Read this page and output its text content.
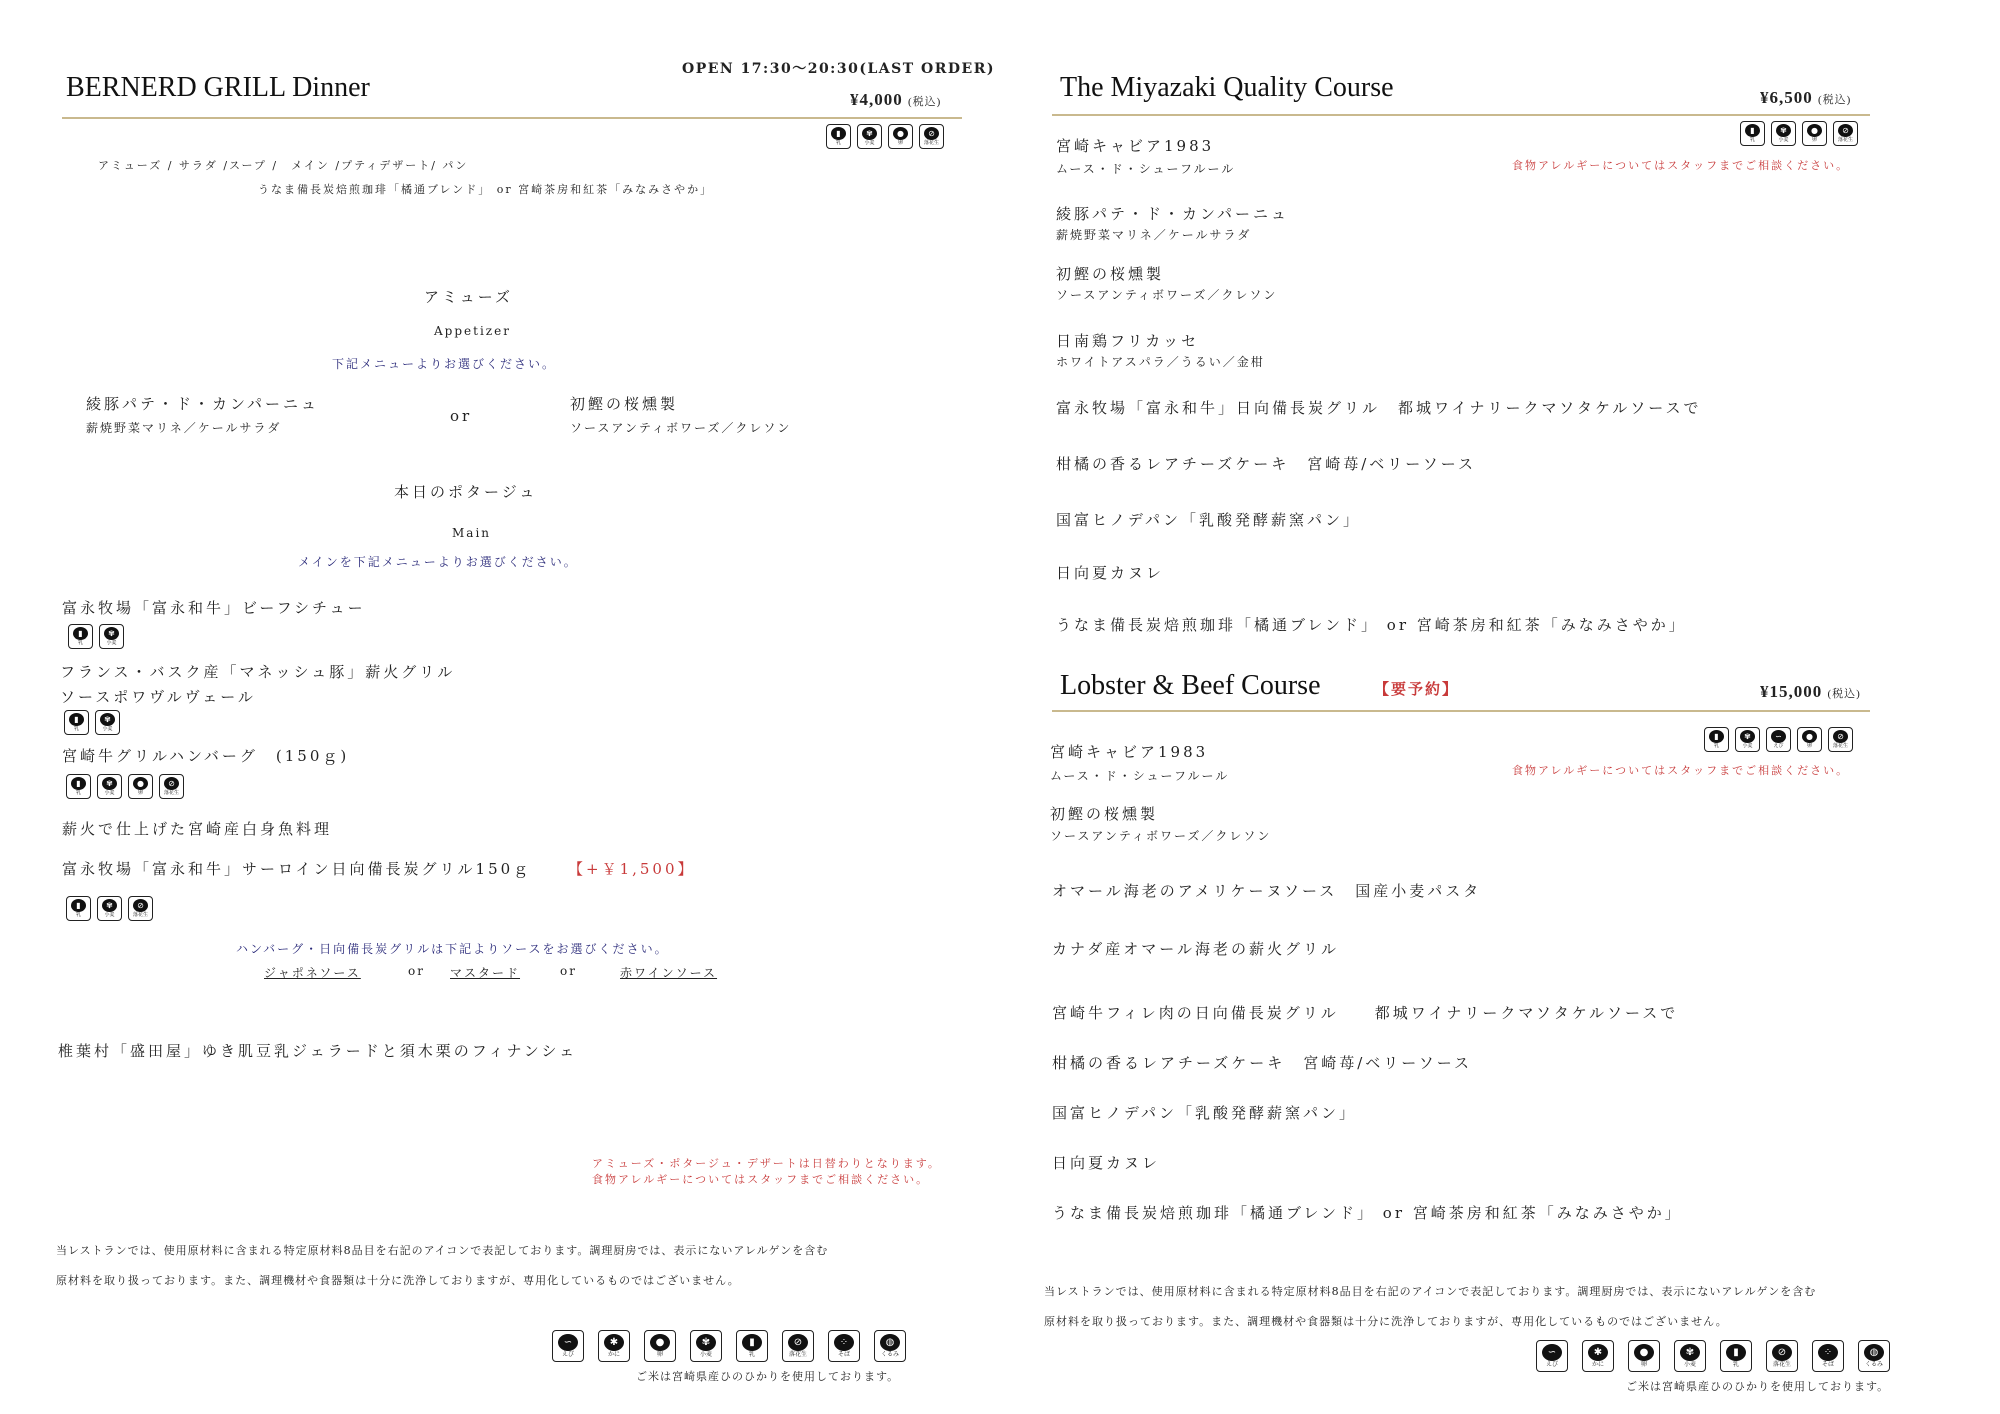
OPEN 17:30～20:30(LAST ORDER)
BERNERD GRILL Dinner	¥4,000 (税込)
▮
乳
✾
小麦
●
卵
⊘
落花生
アミューズ / サラダ /スープ /　メイン /プティデザート/ パン
うなま備長炭焙煎珈琲「橘通ブレンド」 or 宮崎茶房和紅茶「みなみさやか」
アミューズ
Appetizer
下記メニューよりお選びください。
綾豚パテ・ド・カンパーニュ
薪焼野菜マリネ／ケールサラダ
or
初鰹の桜燻製
ソースアンティボワーズ／クレソン
本日のポタージュ
Main
メインを下記メニューよりお選びください。
富永牧場「富永和牛」ビーフシチュー
▮
乳
✾
小麦
フランス・バスク産「マネッシュ豚」薪火グリル
ソースポワヴルヴェール
▮
乳
✾
小麦
宮崎牛グリルハンバーグ　(150ｇ)
▮
乳
✾
小麦
●
卵
⊘
落花生
薪火で仕上げた宮崎産白身魚料理
富永牧場「富永和牛」サーロイン日向備長炭グリル150ｇ 【+￥1,500】
▮
乳
✾
小麦
⊘
落花生
ハンバーグ・日向備長炭グリルは下記よりソースをお選びください。
ジャポネソース	or マスタード	or	赤ワインソース
椎葉村「盛田屋」ゆき肌豆乳ジェラードと須木栗のフィナンシェ
アミューズ・ポタージュ・デザートは日替わりとなります。
食物アレルギーについてはスタッフまでご相談ください。
当レストランでは、使用原材料に含まれる特定原材料8品目を右記のアイコンで表記しております。調理厨房では、表示にないアレルゲンを含む
原材料を取り扱っております。また、調理機材や食器類は十分に洗浄しておりますが、専用化しているものではございません。
∽
えび
✱
かに
●
卵
✾
小麦
▮
乳
⊘
落花生
⁘
そば
◍
くるみ
ご米は宮崎県産ひのひかりを使用しております。
The Miyazaki Quality Course	¥6,500 (税込)
▮
乳
✾
小麦
●
卵
⊘
落花生
食物アレルギーについてはスタッフまでご相談ください。
宮崎キャビア1983
ムース・ド・シューフルール
綾豚パテ・ド・カンパーニュ
薪焼野菜マリネ／ケールサラダ
初鰹の桜燻製
ソースアンティボワーズ／クレソン
日南鶏フリカッセ
ホワイトアスパラ／うるい／金柑
富永牧場「富永和牛」日向備長炭グリル　都城ワイナリークマソタケルソースで
柑橘の香るレアチーズケーキ　宮崎苺/ベリーソース
国富ヒノデパン「乳酸発酵薪窯パン」
日向夏カヌレ
うなま備長炭焙煎珈琲「橘通ブレンド」 or 宮崎茶房和紅茶「みなみさやか」
Lobster & Beef Course	【要予約】	¥15,000 (税込)
▮
乳
✾
小麦
∽
えび
●
卵
⊘
落花生
食物アレルギーについてはスタッフまでご相談ください。
宮崎キャビア1983
ムース・ド・シューフルール
初鰹の桜燻製
ソースアンティボワーズ／クレソン
オマール海老のアメリケーヌソース　国産小麦パスタ
カナダ産オマール海老の薪火グリル
宮崎牛フィレ肉の日向備長炭グリル　　都城ワイナリークマソタケルソースで
柑橘の香るレアチーズケーキ　宮崎苺/ベリーソース
国富ヒノデパン「乳酸発酵薪窯パン」
日向夏カヌレ
うなま備長炭焙煎珈琲「橘通ブレンド」 or 宮崎茶房和紅茶「みなみさやか」
当レストランでは、使用原材料に含まれる特定原材料8品目を右記のアイコンで表記しております。調理厨房では、表示にないアレルゲンを含む
原材料を取り扱っております。また、調理機材や食器類は十分に洗浄しておりますが、専用化しているものではございません。
∽
えび
✱
かに
●
卵
✾
小麦
▮
乳
⊘
落花生
⁘
そば
◍
くるみ
ご米は宮崎県産ひのひかりを使用しております。
